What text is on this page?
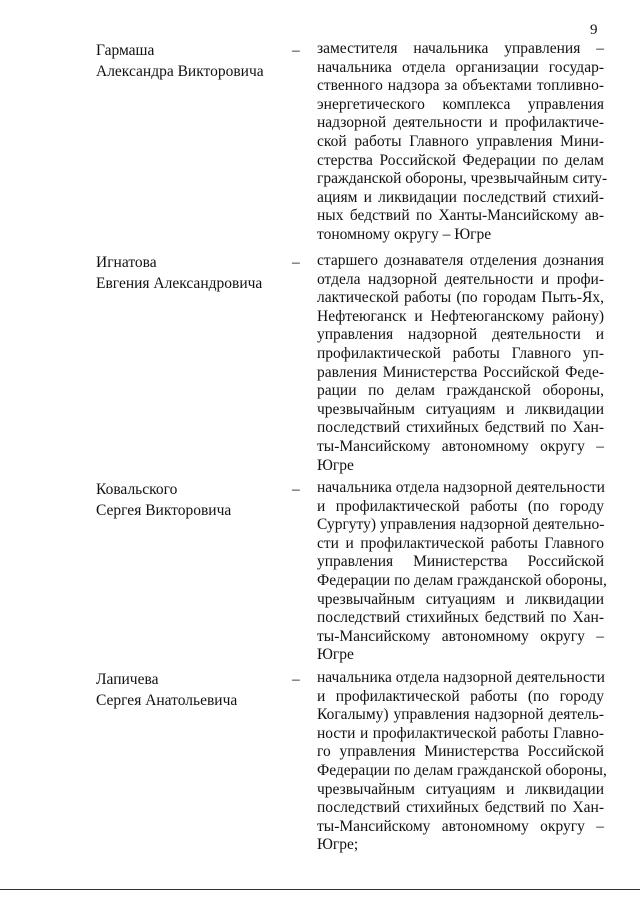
9
Гармаша
Александра Викторовича
– заместителя начальника управления –
начальника отдела организации государ-
ственного надзора за объектами топливно-
энергетического комплекса управления
надзорной деятельности и профилактиче-
ской работы Главного управления Мини-
стерства Российской Федерации по делам
гражданской обороны, чрезвычайным ситу-
ациям и ликвидации последствий стихий-
ных бедствий по Ханты-Мансийскому ав-
тономному округу – Югре
Игнатова
Евгения Александровича
– старшего дознавателя отделения дознания
отдела надзорной деятельности и профи-
лактической работы (по городам Пыть-Ях,
Нефтеюганск и Нефтеюганскому району)
управления надзорной деятельности и
профилактической работы Главного уп-
равления Министерства Российской Феде-
рации по делам гражданской обороны,
чрезвычайным ситуациям и ликвидации
последствий стихийных бедствий по Хан-
ты-Мансийскому автономному округу –
Югре
Ковальского
Сергея Викторовича
– начальника отдела надзорной деятельности
и профилактической работы (по городу
Сургуту) управления надзорной деятельно-
сти и профилактической работы Главного
управления Министерства Российской
Федерации по делам гражданской обороны,
чрезвычайным ситуациям и ликвидации
последствий стихийных бедствий по Хан-
ты-Мансийскому автономному округу –
Югре
Лапичева
Сергея Анатольевича
– начальника отдела надзорной деятельности
и профилактической работы (по городу
Когалыму) управления надзорной деятель-
ности и профилактической работы Главно-
го управления Министерства Российской
Федерации по делам гражданской обороны,
чрезвычайным ситуациям и ликвидации
последствий стихийных бедствий по Хан-
ты-Мансийскому автономному округу –
Югре;
